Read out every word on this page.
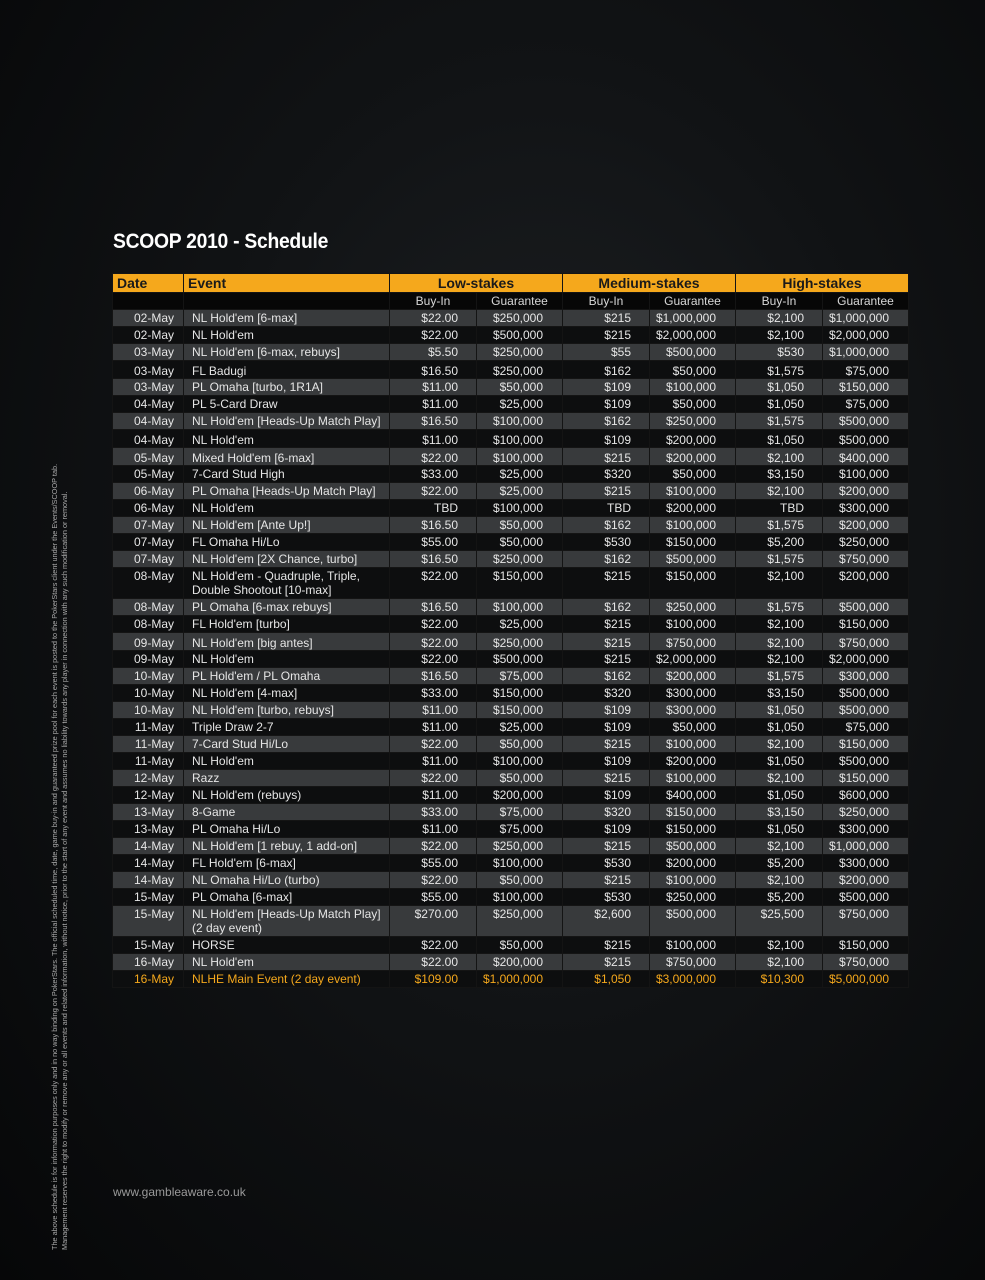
SCOOP 2010 - Schedule
Date	Event	Low-stakes		Medium-stakes		High-stakes	
		Buy-In	Guarantee	Buy-In	Guarantee	Buy-In	Guarantee
02-May	NL Hold'em [6-max]	$22.00	$250,000	$215	$1,000,000	$2,100	$1,000,000
02-May	NL Hold'em	$22.00	$500,000	$215	$2,000,000	$2,100	$2,000,000
03-May	NL Hold'em [6-max, rebuys]	$5.50	$250,000	$55	$500,000	$530	$1,000,000
03-May	FL Badugi	$16.50	$250,000	$162	$50,000	$1,575	$75,000
03-May	PL Omaha [turbo, 1R1A]	$11.00	$50,000	$109	$100,000	$1,050	$150,000
04-May	PL 5-Card Draw	$11.00	$25,000	$109	$50,000	$1,050	$75,000
04-May	NL Hold'em [Heads-Up Match Play]	$16.50	$100,000	$162	$250,000	$1,575	$500,000
04-May	NL Hold'em	$11.00	$100,000	$109	$200,000	$1,050	$500,000
05-May	Mixed Hold'em [6-max]	$22.00	$100,000	$215	$200,000	$2,100	$400,000
05-May	7-Card Stud High	$33.00	$25,000	$320	$50,000	$3,150	$100,000
06-May	PL Omaha [Heads-Up Match Play]	$22.00	$25,000	$215	$100,000	$2,100	$200,000
06-May	NL Hold'em	TBD	$100,000	TBD	$200,000	TBD	$300,000
07-May	NL Hold'em [Ante Up!]	$16.50	$50,000	$162	$100,000	$1,575	$200,000
07-May	FL Omaha Hi/Lo	$55.00	$50,000	$530	$150,000	$5,200	$250,000
07-May	NL Hold'em [2X Chance, turbo]	$16.50	$250,000	$162	$500,000	$1,575	$750,000
08-May	NL Hold'em - Quadruple, Triple, Double Shootout [10-max]	$22.00	$150,000	$215	$150,000	$2,100	$200,000
08-May	PL Omaha [6-max rebuys]	$16.50	$100,000	$162	$250,000	$1,575	$500,000
08-May	FL Hold'em [turbo]	$22.00	$25,000	$215	$100,000	$2,100	$150,000
09-May	NL Hold'em [big antes]	$22.00	$250,000	$215	$750,000	$2,100	$750,000
09-May	NL Hold'em	$22.00	$500,000	$215	$2,000,000	$2,100	$2,000,000
10-May	PL Hold'em / PL Omaha	$16.50	$75,000	$162	$200,000	$1,575	$300,000
10-May	NL Hold'em [4-max]	$33.00	$150,000	$320	$300,000	$3,150	$500,000
10-May	NL Hold'em [turbo, rebuys]	$11.00	$150,000	$109	$300,000	$1,050	$500,000
11-May	Triple Draw 2-7	$11.00	$25,000	$109	$50,000	$1,050	$75,000
11-May	7-Card Stud Hi/Lo	$22.00	$50,000	$215	$100,000	$2,100	$150,000
11-May	NL Hold'em	$11.00	$100,000	$109	$200,000	$1,050	$500,000
12-May	Razz	$22.00	$50,000	$215	$100,000	$2,100	$150,000
12-May	NL Hold'em (rebuys)	$11.00	$200,000	$109	$400,000	$1,050	$600,000
13-May	8-Game	$33.00	$75,000	$320	$150,000	$3,150	$250,000
13-May	PL Omaha Hi/Lo	$11.00	$75,000	$109	$150,000	$1,050	$300,000
14-May	NL Hold'em [1 rebuy, 1 add-on]	$22.00	$250,000	$215	$500,000	$2,100	$1,000,000
14-May	FL Hold'em [6-max]	$55.00	$100,000	$530	$200,000	$5,200	$300,000
14-May	NL Omaha Hi/Lo (turbo)	$22.00	$50,000	$215	$100,000	$2,100	$200,000
15-May	PL Omaha [6-max]	$55.00	$100,000	$530	$250,000	$5,200	$500,000
15-May	NL Hold'em [Heads-Up Match Play] (2 day event)	$270.00	$250,000	$2,600	$500,000	$25,500	$750,000
15-May	HORSE	$22.00	$50,000	$215	$100,000	$2,100	$150,000
16-May	NL Hold'em	$22.00	$200,000	$215	$750,000	$2,100	$750,000
16-May	NLHE Main Event (2 day event)	$109.00	$1,000,000	$1,050	$3,000,000	$10,300	$5,000,000
www.gambleaware.co.uk
The above schedule is for information purposes only and in no way binding on PokerStars. The official scheduled time, date, game buy-in and guaranteed prize pool for each event is posted to the PokerStars client under the Events/SCOOP tab. Management reserves the right to modify or remove any or all events and related information, without notice, prior to the start of any event and assumes no liability towards any player in connection with any such modification or removal.
